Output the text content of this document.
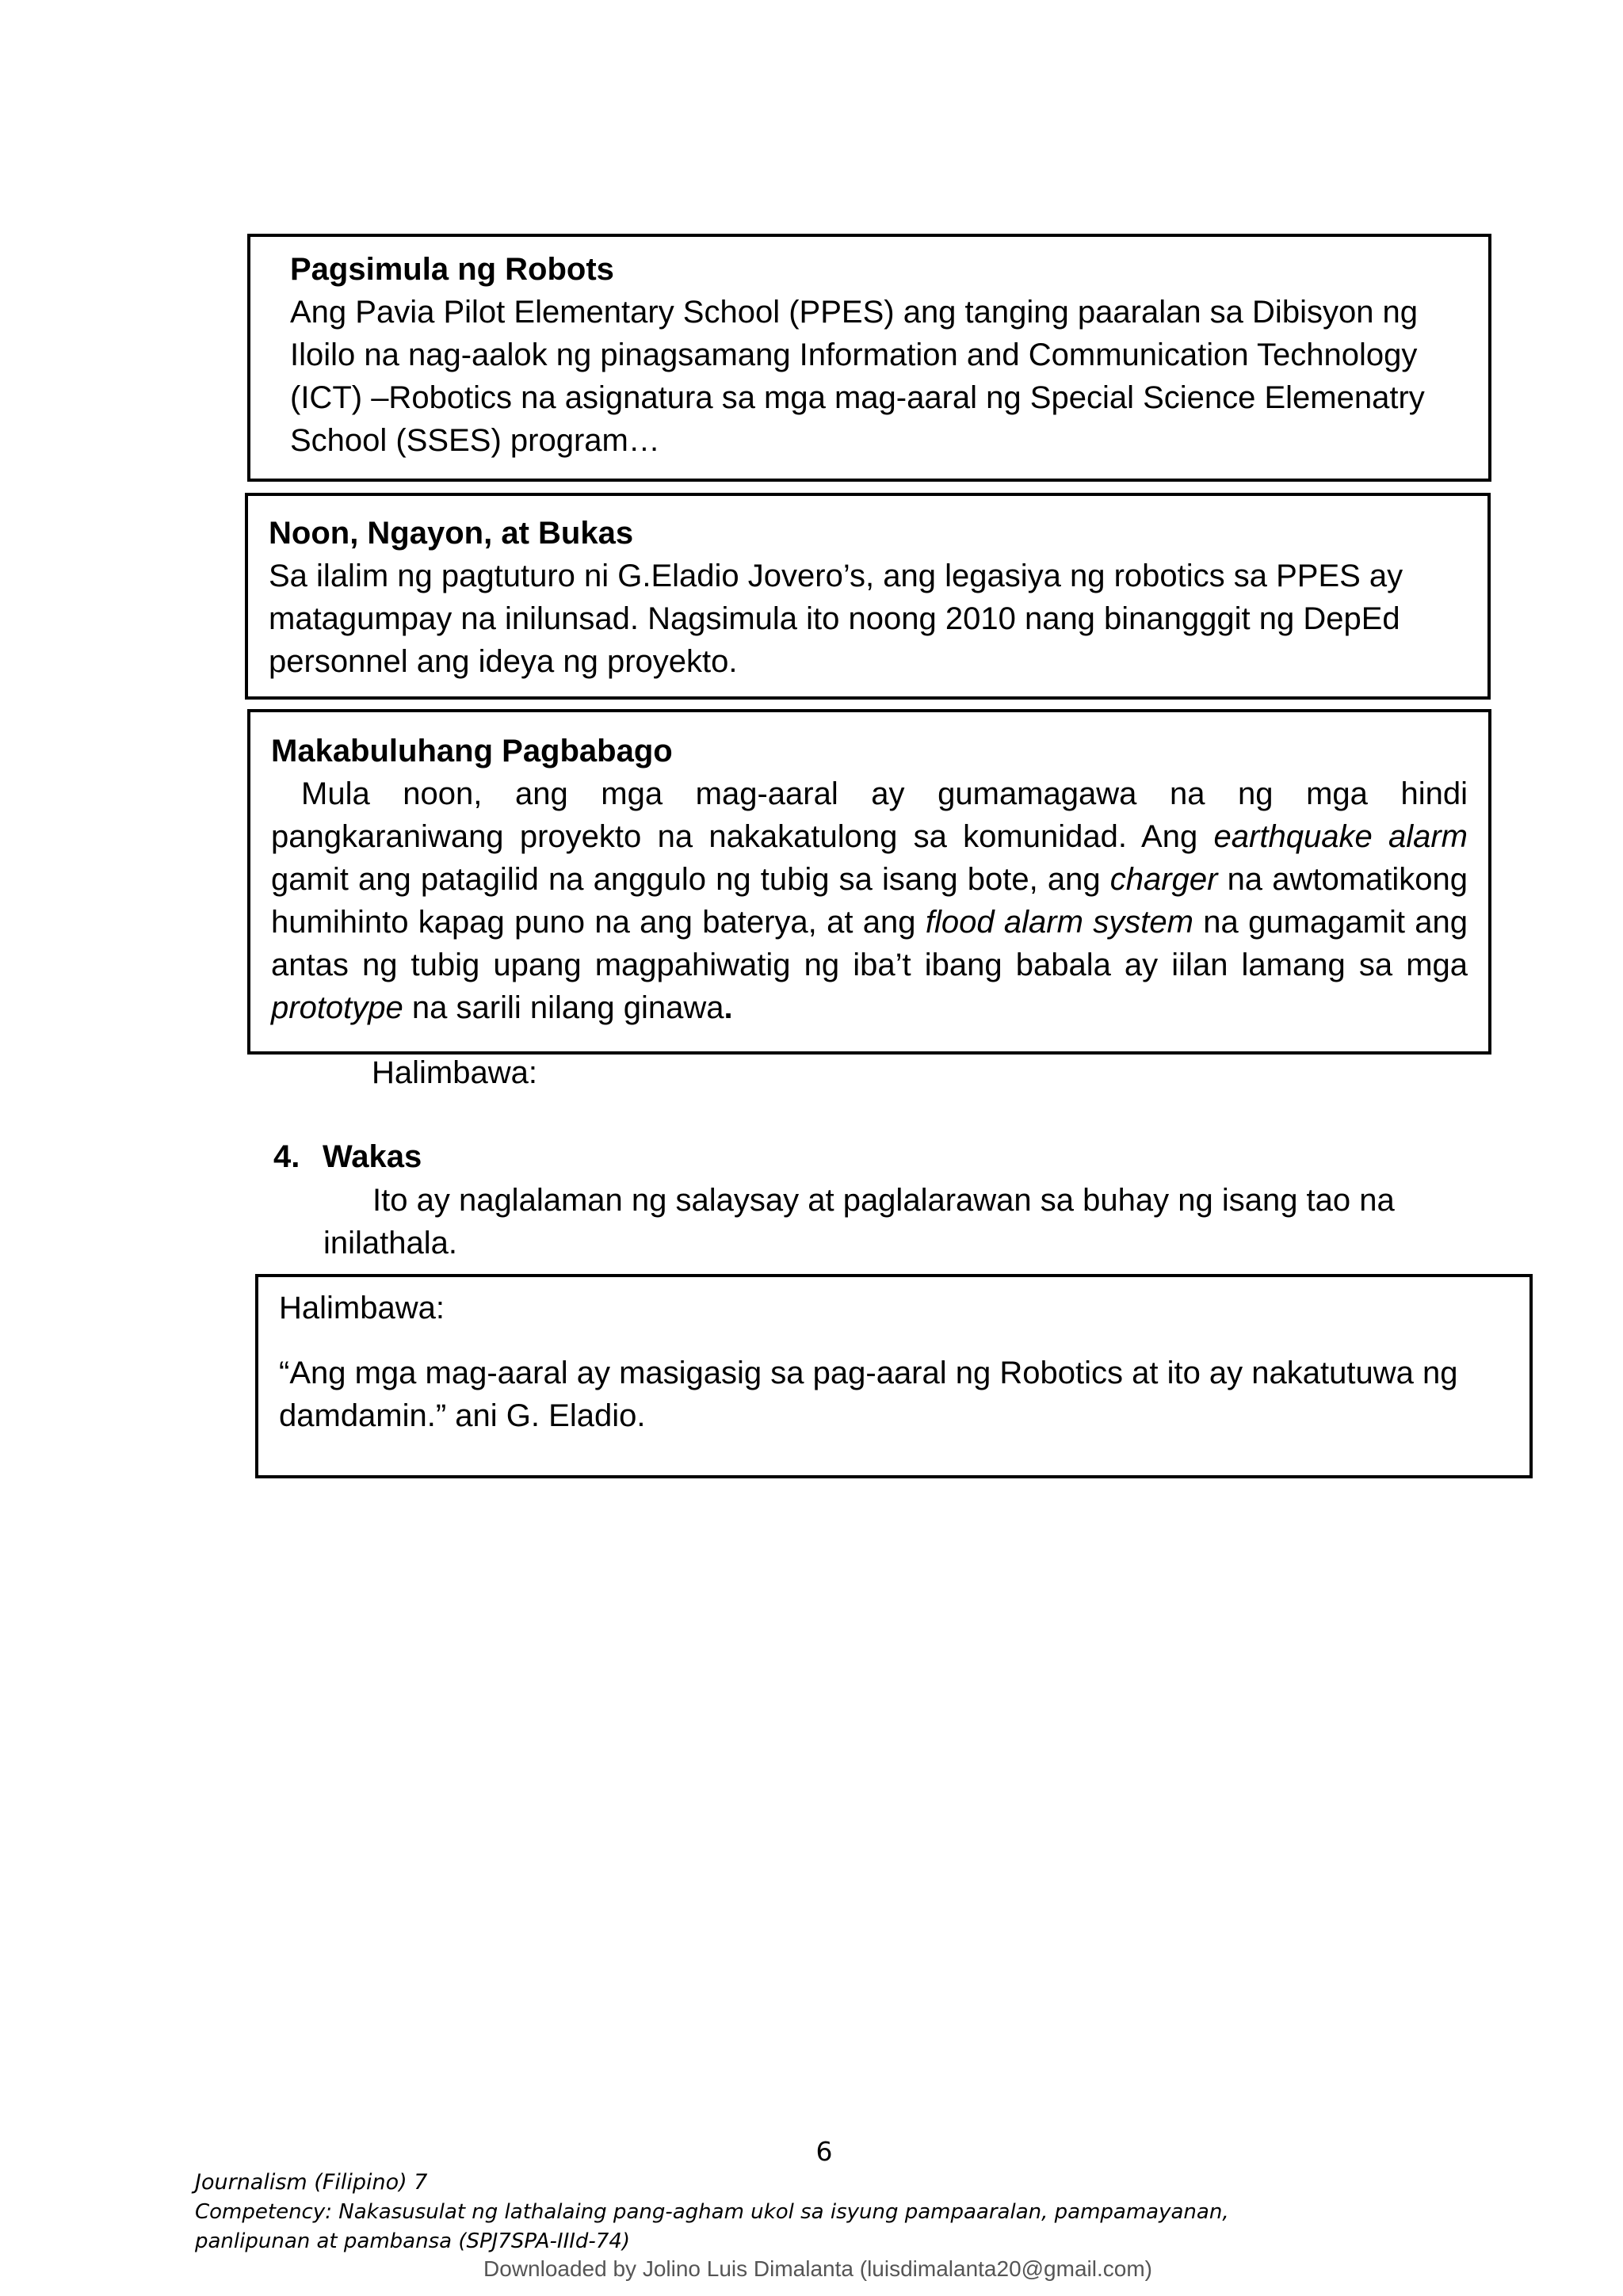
Pagsimula ng Robots

Ang Pavia Pilot Elementary School (PPES) ang tanging paaralan sa Dibisyon ng Iloilo na nag-aalok ng pinagsamang Information and Communication Technology (ICT) –Robotics na asignatura sa mga mag-aaral ng Special Science Elemenatry School (SSES) program…

Noon, Ngayon, at Bukas

Sa ilalim ng pagtuturo ni G.Eladio Jovero’s, ang legasiya ng robotics sa PPES ay matagumpay na inilunsad. Nagsimula ito noong 2010 nang binangggit ng DepEd personnel ang ideya ng proyekto.

Makabuluhang Pagbabago

Mula noon, ang mga mag-aaral ay gumamagawa na ng mga hindi pangkaraniwang proyekto na nakakatulong sa komunidad. Ang earthquake alarm gamit ang patagilid na anggulo ng tubig sa isang bote, ang charger na awtomatikong humihinto kapag puno na ang baterya, at ang flood alarm system na gumagamit ang antas ng tubig upang magpahiwatig ng iba’t ibang babala ay iilan lamang sa mga prototype na sarili nilang ginawa.

Halimbawa:

4. Wakas

Ito ay naglalaman ng salaysay at paglalarawan sa buhay ng isang tao na inilathala.

Halimbawa:

“Ang mga mag-aaral ay masigasig sa pag-aaral ng Robotics at ito ay nakatutuwa ng damdamin.” ani G. Eladio.

6
Journalism (Filipino) 7
Competency: Nakasusulat ng lathalaing pang-agham ukol sa isyung pampaaralan, pampamayanan,
panlipunan at pambansa (SPJ7SPA-IIId-74)
Downloaded by Jolino Luis Dimalanta (luisdimalanta20@gmail.com)
